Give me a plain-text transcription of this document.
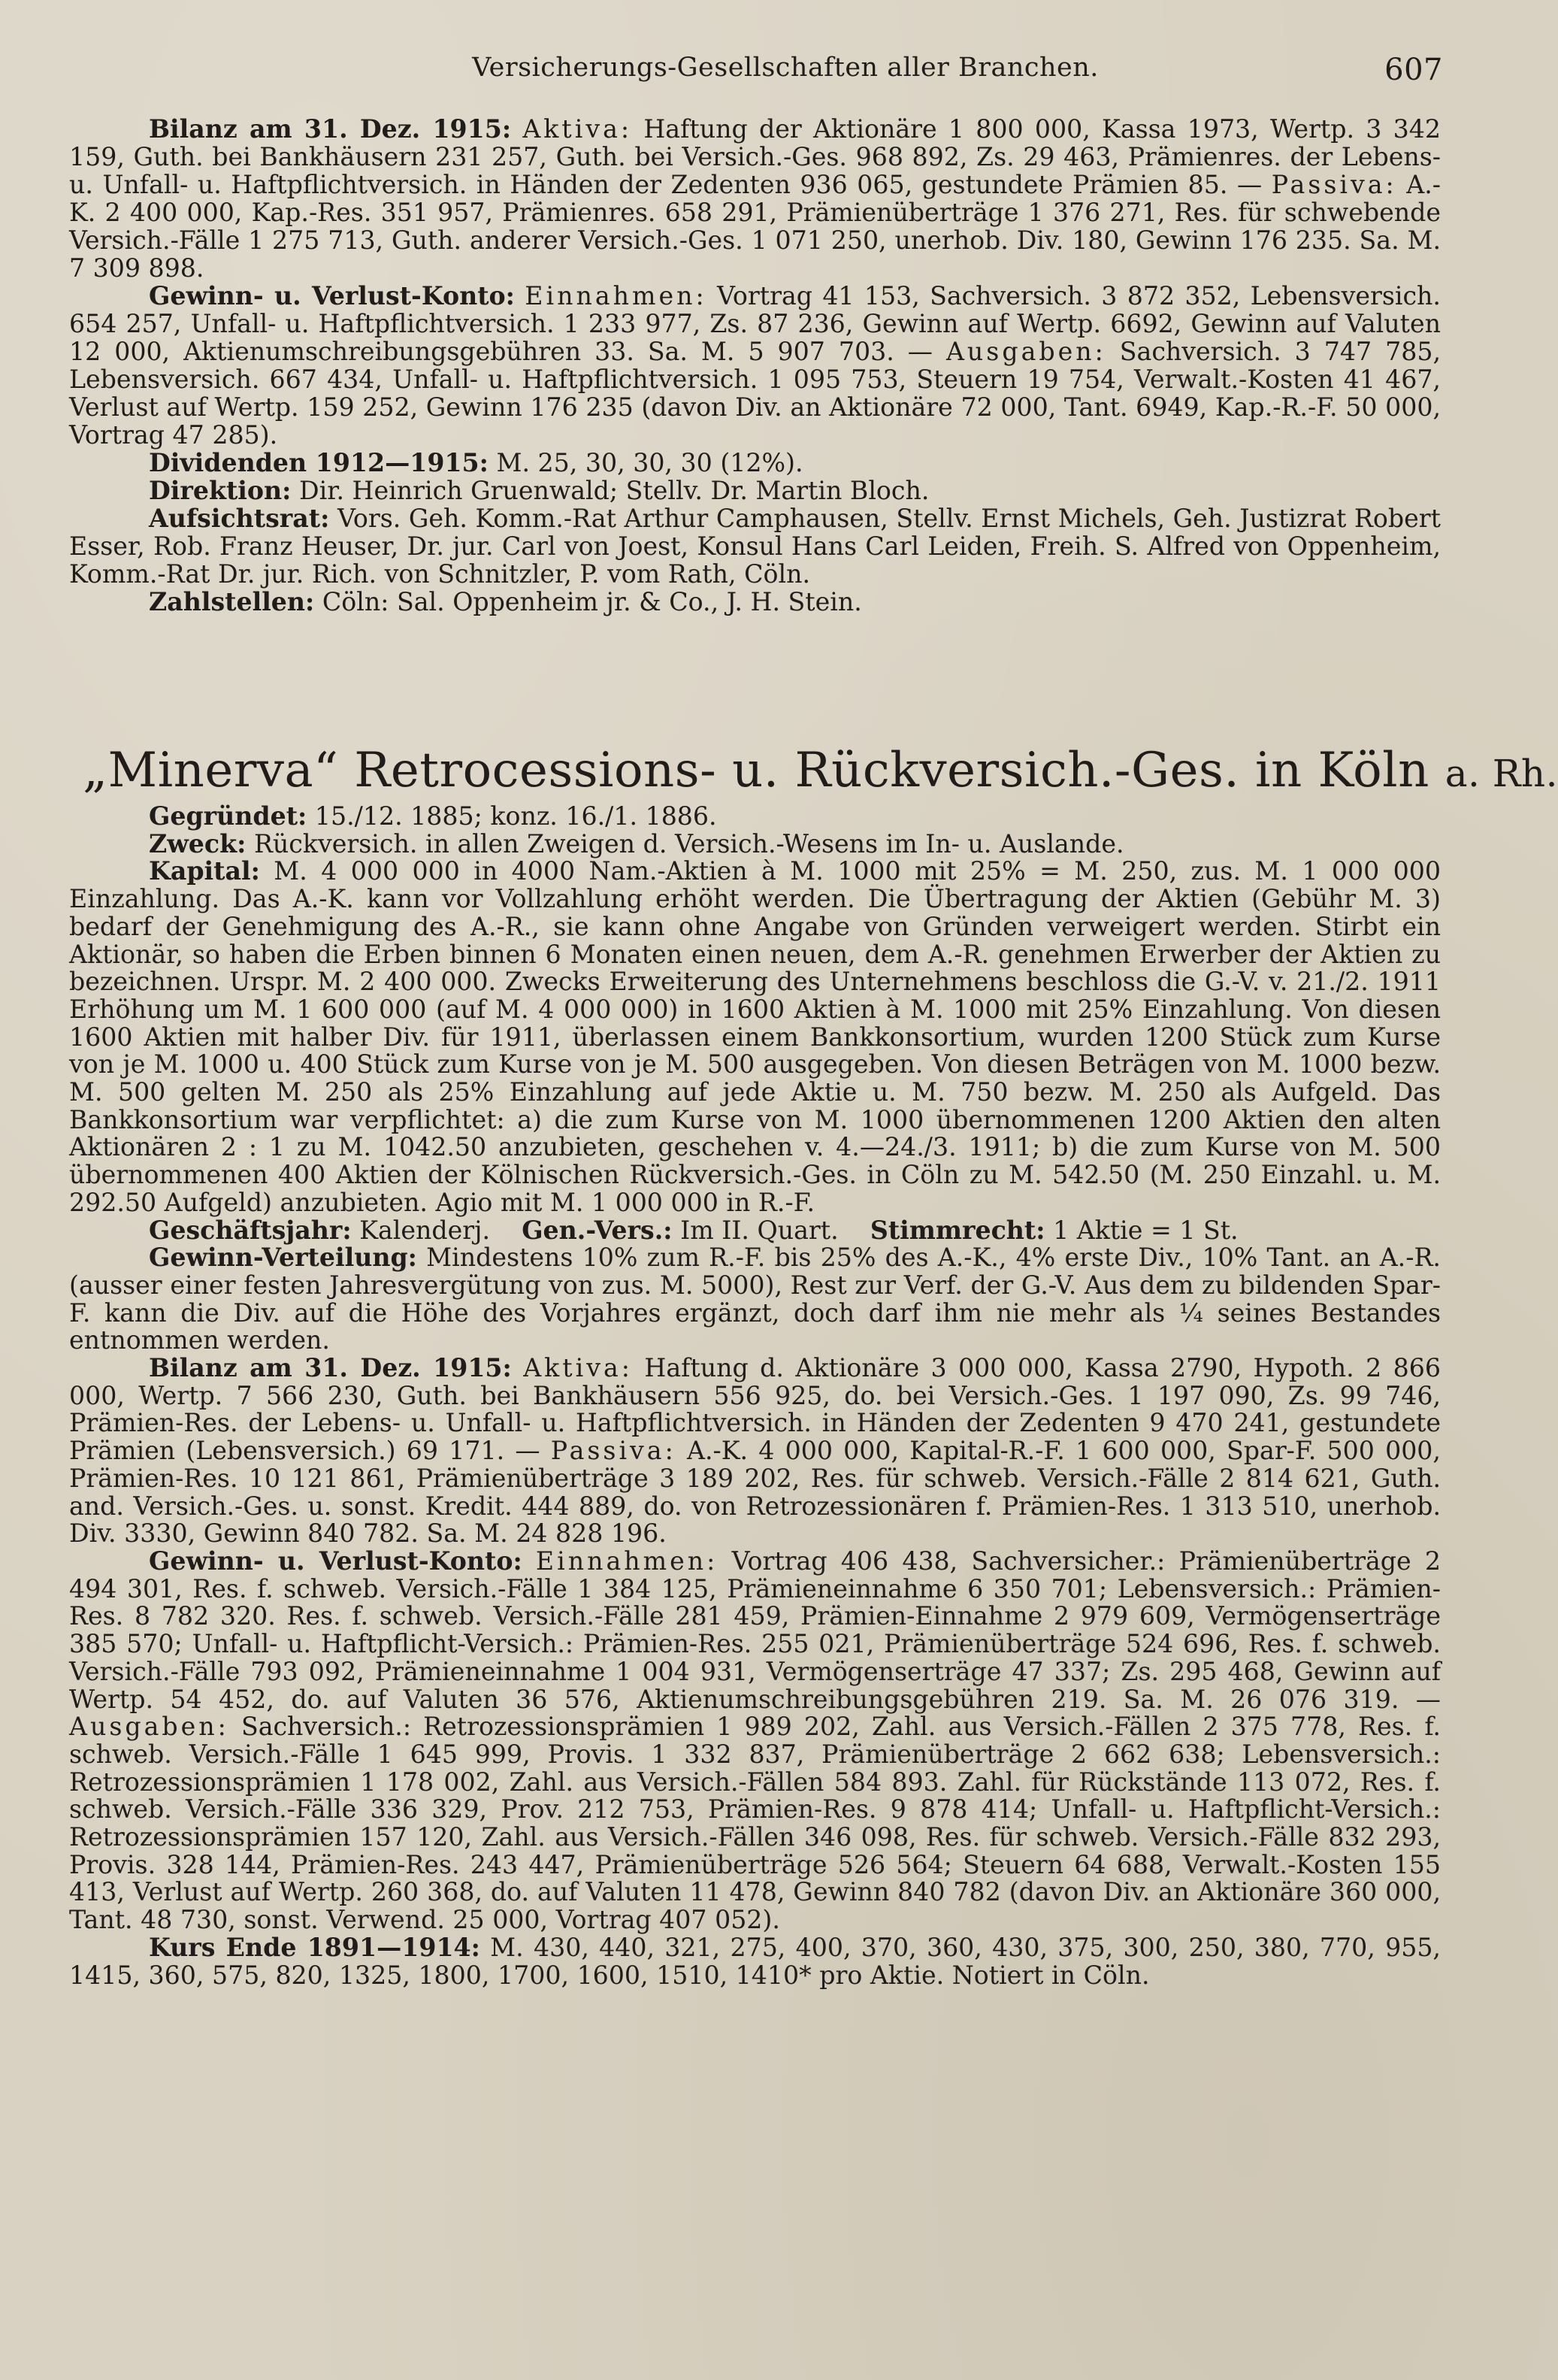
Versicherungs-Gesellschaften aller Branchen.	607

Bilanz am 31. Dez. 1915: Aktiva: Haftung der Aktionäre 1 800 000, Kassa 1973, Wertp. 3 342 159, Guth. bei Bankhäusern 231 257, Guth. bei Versich.-Ges. 968 892, Zs. 29 463, Prämienres. der Lebens- u. Unfall- u. Haftpflichtversich. in Händen der Zedenten 936 065, gestundete Prämien 85. — Passiva: A.-K. 2 400 000, Kap.-Res. 351 957, Prämienres. 658 291, Prämienüberträge 1 376 271, Res. für schwebende Versich.-Fälle 1 275 713, Guth. anderer Versich.-Ges. 1 071 250, unerhob. Div. 180, Gewinn 176 235. Sa. M. 7 309 898.

Gewinn- u. Verlust-Konto: Einnahmen: Vortrag 41 153, Sachversich. 3 872 352, Lebensversich. 654 257, Unfall- u. Haftpflichtversich. 1 233 977, Zs. 87 236, Gewinn auf Wertp. 6692, Gewinn auf Valuten 12 000, Aktienumschreibungsgebühren 33. Sa. M. 5 907 703. — Ausgaben: Sachversich. 3 747 785, Lebensversich. 667 434, Unfall- u. Haftpflichtversich. 1 095 753, Steuern 19 754, Verwalt.-Kosten 41 467, Verlust auf Wertp. 159 252, Gewinn 176 235 (davon Div. an Aktionäre 72 000, Tant. 6949, Kap.-R.-F. 50 000, Vortrag 47 285).

Dividenden 1912—1915: M. 25, 30, 30, 30 (12%).

Direktion: Dir. Heinrich Gruenwald; Stellv. Dr. Martin Bloch.

Aufsichtsrat: Vors. Geh. Komm.-Rat Arthur Camphausen, Stellv. Ernst Michels, Geh. Justizrat Robert Esser, Rob. Franz Heuser, Dr. jur. Carl von Joest, Konsul Hans Carl Leiden, Freih. S. Alfred von Oppenheim, Komm.-Rat Dr. jur. Rich. von Schnitzler, P. vom Rath, Cöln.

Zahlstellen: Cöln: Sal. Oppenheim jr. & Co., J. H. Stein.

„Minerva“ Retrocessions- u. Rückversich.-Ges. in Köln a. Rh.

Gegründet: 15./12. 1885; konz. 16./1. 1886.

Zweck: Rückversich. in allen Zweigen d. Versich.-Wesens im In- u. Auslande.

Kapital: M. 4 000 000 in 4000 Nam.-Aktien à M. 1000 mit 25% = M. 250, zus. M. 1 000 000 Einzahlung. Das A.-K. kann vor Vollzahlung erhöht werden. Die Übertragung der Aktien (Gebühr M. 3) bedarf der Genehmigung des A.-R., sie kann ohne Angabe von Gründen verweigert werden. Stirbt ein Aktionär, so haben die Erben binnen 6 Monaten einen neuen, dem A.-R. genehmen Erwerber der Aktien zu bezeichnen. Urspr. M. 2 400 000. Zwecks Erweiterung des Unternehmens beschloss die G.-V. v. 21./2. 1911 Erhöhung um M. 1 600 000 (auf M. 4 000 000) in 1600 Aktien à M. 1000 mit 25% Einzahlung. Von diesen 1600 Aktien mit halber Div. für 1911, überlassen einem Bankkonsortium, wurden 1200 Stück zum Kurse von je M. 1000 u. 400 Stück zum Kurse von je M. 500 ausgegeben. Von diesen Beträgen von M. 1000 bezw. M. 500 gelten M. 250 als 25% Einzahlung auf jede Aktie u. M. 750 bezw. M. 250 als Aufgeld. Das Bankkonsortium war verpflichtet: a) die zum Kurse von M. 1000 übernommenen 1200 Aktien den alten Aktionären 2 : 1 zu M. 1042.50 anzubieten, geschehen v. 4.—24./3. 1911; b) die zum Kurse von M. 500 übernommenen 400 Aktien der Kölnischen Rückversich.-Ges. in Cöln zu M. 542.50 (M. 250 Einzahl. u. M. 292.50 Aufgeld) anzubieten. Agio mit M. 1 000 000 in R.-F.

Geschäftsjahr: Kalenderj. Gen.-Vers.: Im II. Quart. Stimmrecht: 1 Aktie = 1 St.

Gewinn-Verteilung: Mindestens 10% zum R.-F. bis 25% des A.-K., 4% erste Div., 10% Tant. an A.-R. (ausser einer festen Jahresvergütung von zus. M. 5000), Rest zur Verf. der G.-V. Aus dem zu bildenden Spar-F. kann die Div. auf die Höhe des Vorjahres ergänzt, doch darf ihm nie mehr als ¼ seines Bestandes entnommen werden.

Bilanz am 31. Dez. 1915: Aktiva: Haftung d. Aktionäre 3 000 000, Kassa 2790, Hypoth. 2 866 000, Wertp. 7 566 230, Guth. bei Bankhäusern 556 925, do. bei Versich.-Ges. 1 197 090, Zs. 99 746, Prämien-Res. der Lebens- u. Unfall- u. Haftpflichtversich. in Händen der Zedenten 9 470 241, gestundete Prämien (Lebensversich.) 69 171. — Passiva: A.-K. 4 000 000, Kapital-R.-F. 1 600 000, Spar-F. 500 000, Prämien-Res. 10 121 861, Prämienüberträge 3 189 202, Res. für schweb. Versich.-Fälle 2 814 621, Guth. and. Versich.-Ges. u. sonst. Kredit. 444 889, do. von Retrozessionären f. Prämien-Res. 1 313 510, unerhob. Div. 3330, Gewinn 840 782. Sa. M. 24 828 196.

Gewinn- u. Verlust-Konto: Einnahmen: Vortrag 406 438, Sachversicher.: Prämienüberträge 2 494 301, Res. f. schweb. Versich.-Fälle 1 384 125, Prämieneinnahme 6 350 701; Lebensversich.: Prämien-Res. 8 782 320. Res. f. schweb. Versich.-Fälle 281 459, Prämien-Einnahme 2 979 609, Vermögenserträge 385 570; Unfall- u. Haftpflicht-Versich.: Prämien-Res. 255 021, Prämienüberträge 524 696, Res. f. schweb. Versich.-Fälle 793 092, Prämieneinnahme 1 004 931, Vermögenserträge 47 337; Zs. 295 468, Gewinn auf Wertp. 54 452, do. auf Valuten 36 576, Aktienumschreibungsgebühren 219. Sa. M. 26 076 319. — Ausgaben: Sachversich.: Retrozessionsprämien 1 989 202, Zahl. aus Versich.-Fällen 2 375 778, Res. f. schweb. Versich.-Fälle 1 645 999, Provis. 1 332 837, Prämienüberträge 2 662 638; Lebensversich.: Retrozessionsprämien 1 178 002, Zahl. aus Versich.-Fällen 584 893. Zahl. für Rückstände 113 072, Res. f. schweb. Versich.-Fälle 336 329, Prov. 212 753, Prämien-Res. 9 878 414; Unfall- u. Haftpflicht-Versich.: Retrozessionsprämien 157 120, Zahl. aus Versich.-Fällen 346 098, Res. für schweb. Versich.-Fälle 832 293, Provis. 328 144, Prämien-Res. 243 447, Prämienüberträge 526 564; Steuern 64 688, Verwalt.-Kosten 155 413, Verlust auf Wertp. 260 368, do. auf Valuten 11 478, Gewinn 840 782 (davon Div. an Aktionäre 360 000, Tant. 48 730, sonst. Verwend. 25 000, Vortrag 407 052).

Kurs Ende 1891—1914: M. 430, 440, 321, 275, 400, 370, 360, 430, 375, 300, 250, 380, 770, 955, 1415, 360, 575, 820, 1325, 1800, 1700, 1600, 1510, 1410* pro Aktie. Notiert in Cöln.
